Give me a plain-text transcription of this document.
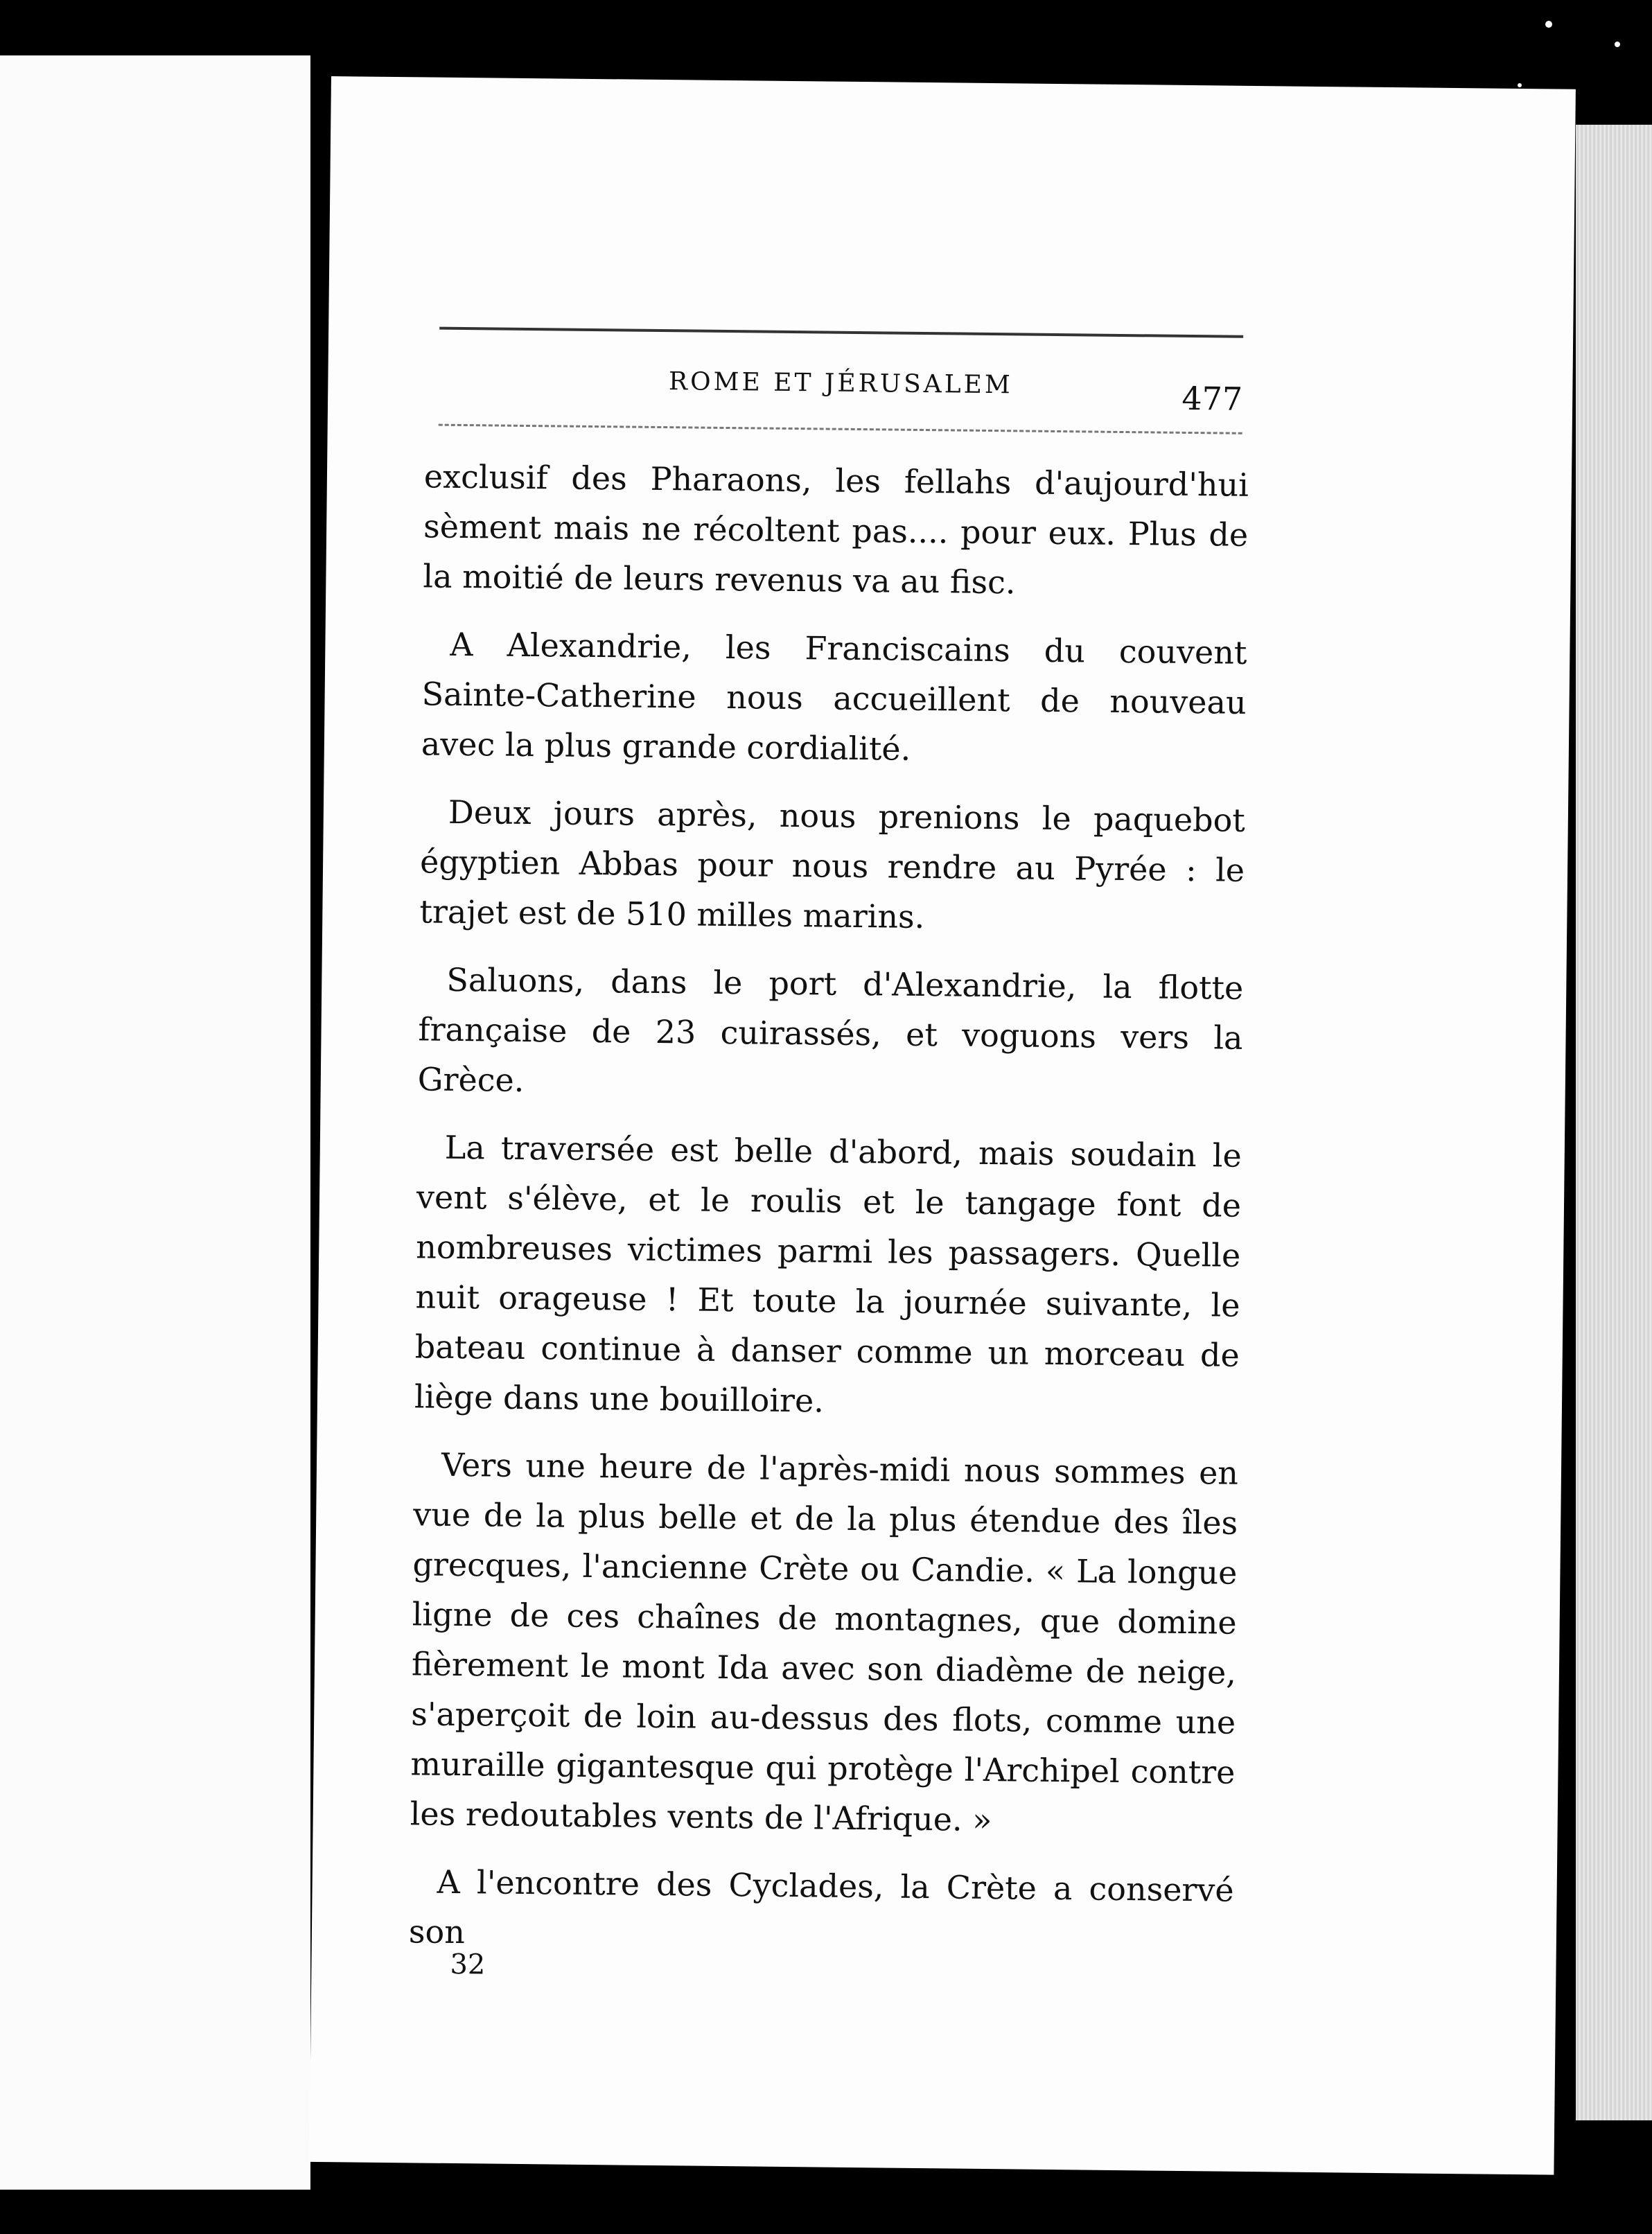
ROME ET JÉRUSALEM	477

exclusif des Pharaons, les fellahs d'aujourd'hui sèment mais ne récoltent pas.... pour eux. Plus de la moitié de leurs revenus va au fisc.

A Alexandrie, les Franciscains du couvent Sainte-Catherine nous accueillent de nouveau avec la plus grande cordialité.

Deux jours après, nous prenions le paquebot égyptien Abbas pour nous rendre au Pyrée : le trajet est de 510 milles marins.

Saluons, dans le port d'Alexandrie, la flotte française de 23 cuirassés, et voguons vers la Grèce.

La traversée est belle d'abord, mais soudain le vent s'élève, et le roulis et le tangage font de nombreuses victimes parmi les passagers. Quelle nuit orageuse ! Et toute la journée suivante, le bateau continue à danser comme un morceau de liège dans une bouilloire.

Vers une heure de l'après-midi nous sommes en vue de la plus belle et de la plus étendue des îles grecques, l'ancienne Crète ou Candie. « La longue ligne de ces chaînes de montagnes, que domine fièrement le mont Ida avec son diadème de neige, s'aperçoit de loin au-dessus des flots, comme une muraille gigantesque qui protège l'Archipel contre les redoutables vents de l'Afrique. »

A l'encontre des Cyclades, la Crète a conservé son

32
